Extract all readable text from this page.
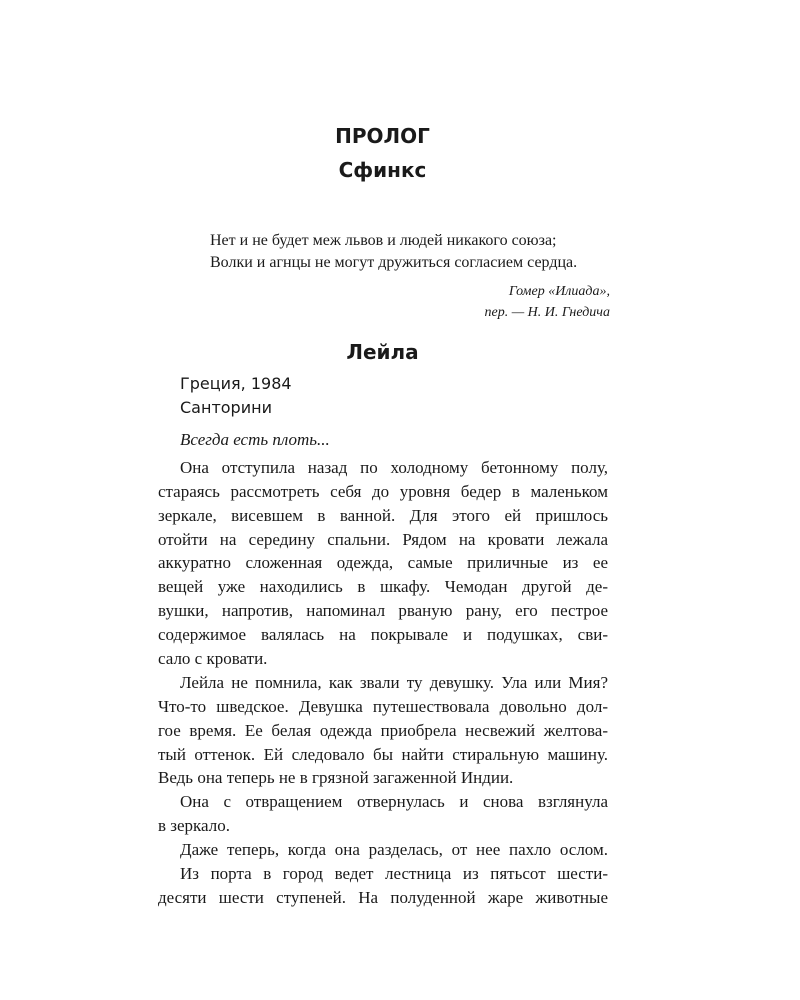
ПРОЛОГ
Сфинкс
Нет и не будет меж львов и людей никакого союза;
Волки и агнцы не могут дружиться согласием сердца.
Гомер «Илиада»,
пер. — Н. И. Гнедича
Лейла
Греция, 1984
Санторини
Всегда есть плоть...
Она отступила назад по холодному бетонному полу,
стараясь рассмотреть себя до уровня бедер в маленьком
зеркале, висевшем в ванной. Для этого ей пришлось
отойти на середину спальни. Рядом на кровати лежала
аккуратно сложенная одежда, самые приличные из ее
вещей уже находились в шкафу. Чемодан другой де-
вушки, напротив, напоминал рваную рану, его пестрое
содержимое валялась на покрывале и подушках, сви-
сало с кровати.
Лейла не помнила, как звали ту девушку. Ула или Мия?
Что-то шведское. Девушка путешествовала довольно дол-
гое время. Ее белая одежда приобрела несвежий желтова-
тый оттенок. Ей следовало бы найти стиральную машину.
Ведь она теперь не в грязной загаженной Индии.
Она с отвращением отвернулась и снова взглянула
в зеркало.
Даже теперь, когда она разделась, от нее пахло ослом.
Из порта в город ведет лестница из пятьсот шести-
десяти шести ступеней. На полуденной жаре животные
